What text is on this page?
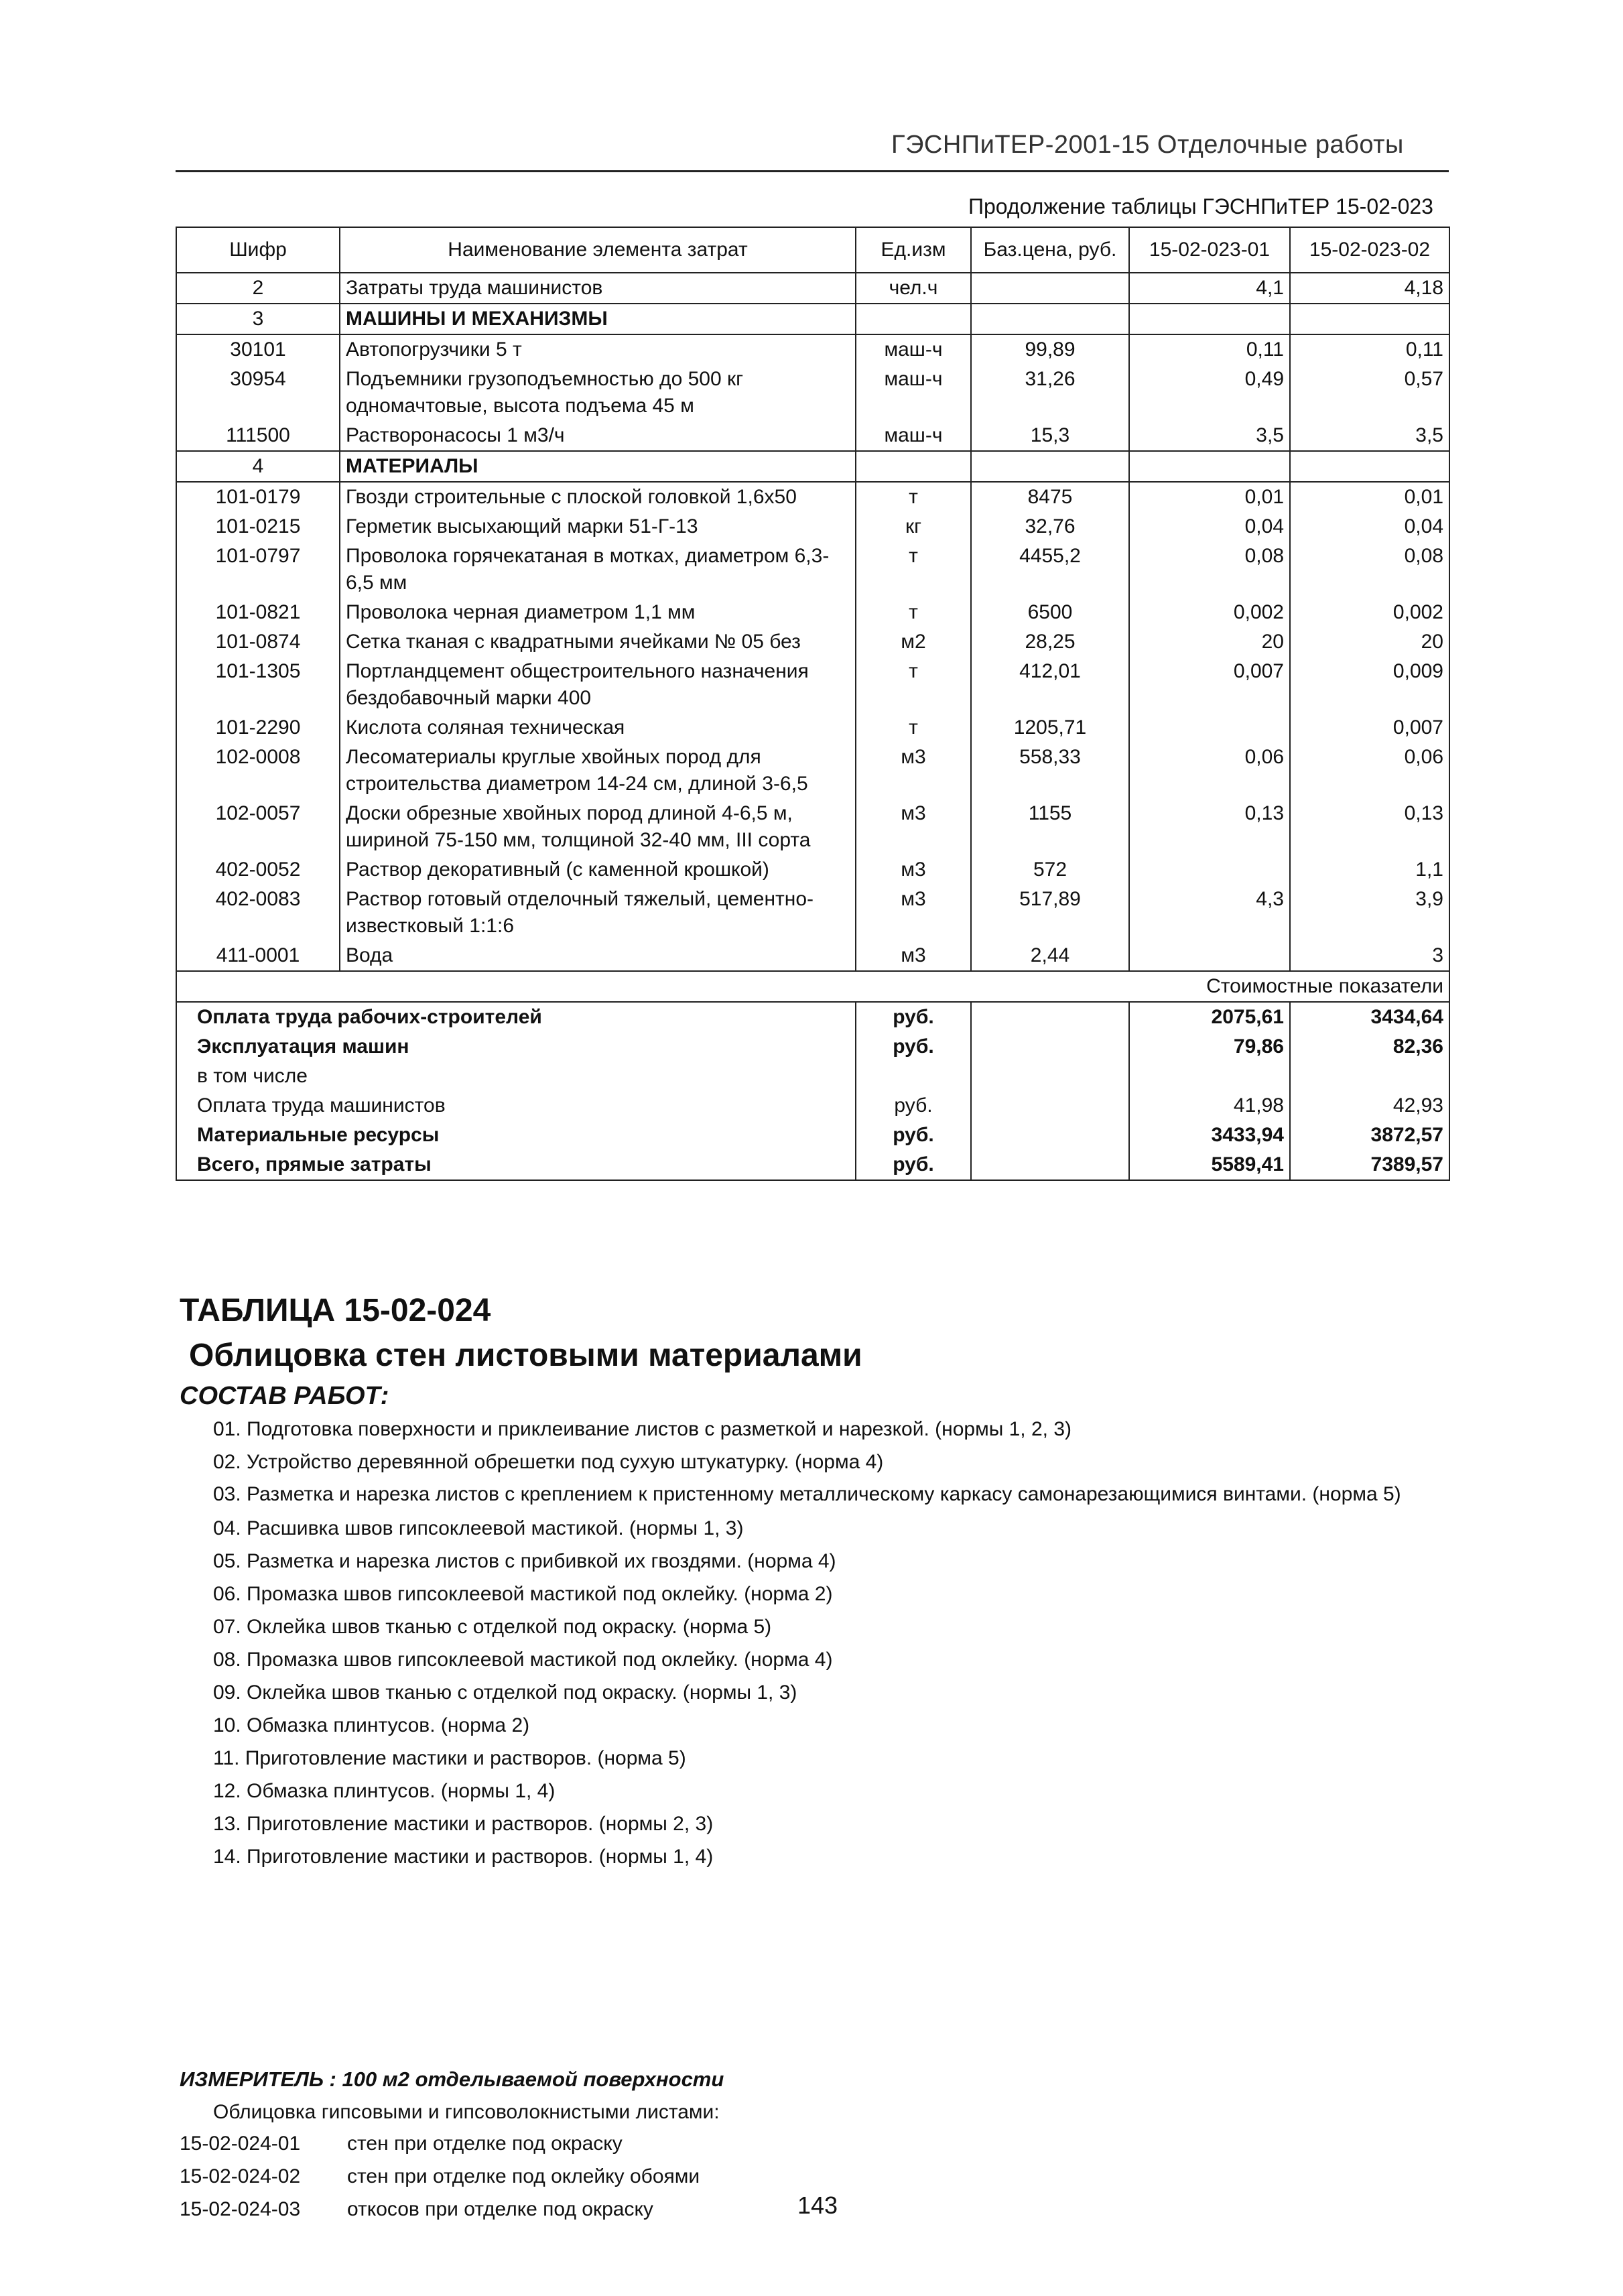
ГЭСНПиТЕР-2001-15 Отделочные работы
Продолжение таблицы ГЭСНПиТЕР 15-02-023
Шифр	Наименование элемента затрат	Ед.изм	Баз.цена, руб.	15-02-023-01	15-02-023-02
2	Затраты труда машинистов	чел.ч		4,1	4,18
3	МАШИНЫ И МЕХАНИЗМЫ				
30101	Автопогрузчики 5 т	маш-ч	99,89	0,11	0,11
30954	Подъемники грузоподъемностью до 500 кг одномачтовые, высота подъема 45 м	маш-ч	31,26	0,49	0,57
111500	Растворонасосы 1 м3/ч	маш-ч	15,3	3,5	3,5
4	МАТЕРИАЛЫ				
101-0179	Гвозди строительные с плоской головкой 1,6х50	т	8475	0,01	0,01
101-0215	Герметик высыхающий марки 51-Г-13	кг	32,76	0,04	0,04
101-0797	Проволока горячекатаная в мотках, диаметром 6,3-6,5 мм	т	4455,2	0,08	0,08
101-0821	Проволока черная диаметром 1,1 мм	т	6500	0,002	0,002
101-0874	Сетка тканая с квадратными ячейками № 05 без	м2	28,25	20	20
101-1305	Портландцемент общестроительного назначения бездобавочный марки 400	т	412,01	0,007	0,009
101-2290	Кислота соляная техническая	т	1205,71		0,007
102-0008	Лесоматериалы круглые хвойных пород для строительства диаметром 14-24 см, длиной 3-6,5	м3	558,33	0,06	0,06
102-0057	Доски обрезные хвойных пород длиной 4-6,5 м, шириной 75-150 мм, толщиной 32-40 мм, III сорта	м3	1155	0,13	0,13
402-0052	Раствор декоративный (с каменной крошкой)	м3	572		1,1
402-0083	Раствор готовый отделочный тяжелый, цементно-известковый 1:1:6	м3	517,89	4,3	3,9
411-0001	Вода	м3	2,44		3
Стоимостные показатели					
Оплата труда рабочих-строителей		руб.		2075,61	3434,64
Эксплуатация машин		руб.		79,86	82,36
в том числе					
Оплата труда машинистов		руб.		41,98	42,93
Материальные ресурсы		руб.		3433,94	3872,57
Всего, прямые затраты		руб.		5589,41	7389,57
ТАБЛИЦА 15-02-024
Облицовка стен листовыми материалами
СОСТАВ РАБОТ:
01. Подготовка поверхности и приклеивание листов с разметкой и нарезкой. (нормы 1, 2, 3)
02. Устройство деревянной обрешетки под сухую штукатурку. (норма 4)
03. Разметка и нарезка листов с креплением к пристенному металлическому каркасу самонарезающимися винтами. (норма 5)
04. Расшивка швов гипсоклеевой мастикой. (нормы 1, 3)
05. Разметка и нарезка листов с прибивкой их гвоздями. (норма 4)
06. Промазка швов гипсоклеевой мастикой под оклейку. (норма 2)
07. Оклейка швов тканью с отделкой под окраску. (норма 5)
08. Промазка швов гипсоклеевой мастикой под оклейку. (норма 4)
09. Оклейка швов тканью с отделкой под окраску. (нормы 1, 3)
10. Обмазка плинтусов. (норма 2)
11. Приготовление мастики и растворов. (норма 5)
12. Обмазка плинтусов. (нормы 1, 4)
13. Приготовление мастики и растворов. (нормы 2, 3)
14. Приготовление мастики и растворов. (нормы 1, 4)
ИЗМЕРИТЕЛЬ : 100 м2 отделываемой поверхности
Облицовка гипсовыми и гипсоволокнистыми листами:
15-02-024-01	стен при отделке под окраску
15-02-024-02	стен при отделке под оклейку обоями
15-02-024-03	откосов при отделке под окраску	143
